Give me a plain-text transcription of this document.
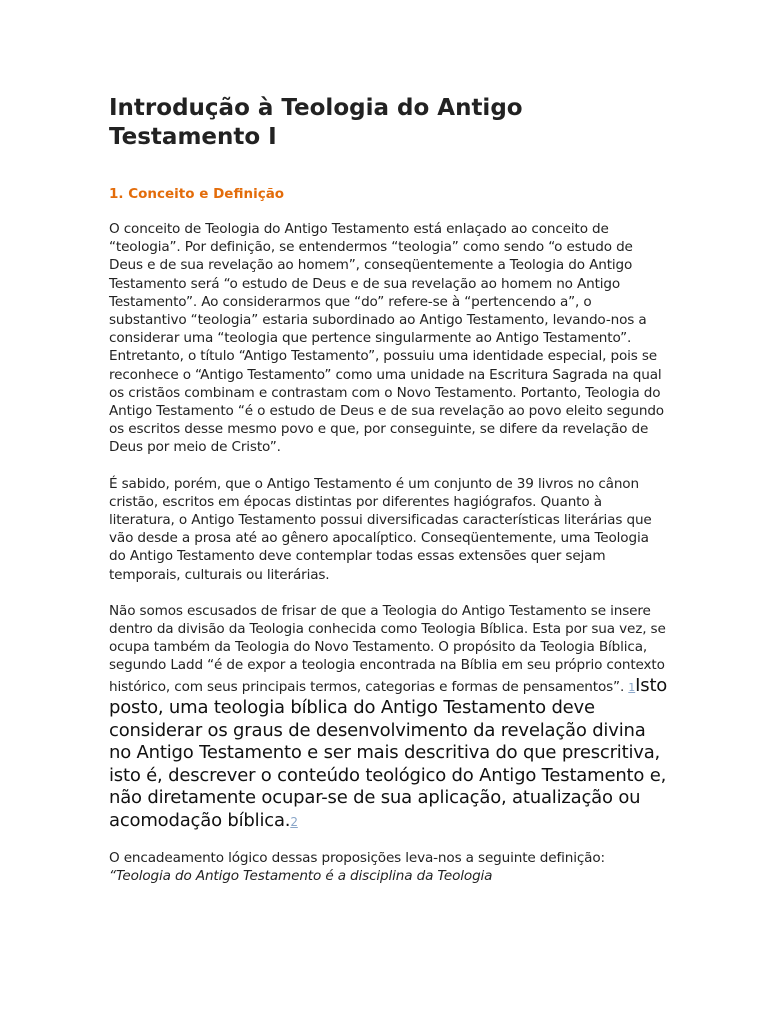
Introdução à Teologia do Antigo Testamento I
1. Conceito e Definição

O conceito de Teologia do Antigo Testamento está enlaçado ao conceito de “teologia”. Por definição, se entendermos “teologia” como sendo “o estudo de Deus e de sua revelação ao homem”, conseqüentemente a Teologia do Antigo Testamento será “o estudo de Deus e de sua revelação ao homem no Antigo Testamento”. Ao considerarmos que “do” refere-se à “pertencendo a”, o substantivo “teologia” estaria subordinado ao Antigo Testamento, levando-nos a considerar uma “teologia que pertence singularmente ao Antigo Testamento”. Entretanto, o título “Antigo Testamento”, possuiu uma identidade especial, pois se reconhece o “Antigo Testamento” como uma unidade na Escritura Sagrada na qual os cristãos combinam e contrastam com o Novo Testamento. Portanto, Teologia do Antigo Testamento “é o estudo de Deus e de sua revelação ao povo eleito segundo os escritos desse mesmo povo e que, por conseguinte, se difere da revelação de Deus por meio de Cristo”.

É sabido, porém, que o Antigo Testamento é um conjunto de 39 livros no cânon cristão, escritos em épocas distintas por diferentes hagiógrafos. Quanto à literatura, o Antigo Testamento possui diversificadas características literárias que vão desde a prosa até ao gênero apocalíptico. Conseqüentemente, uma Teologia do Antigo Testamento deve contemplar todas essas extensões quer sejam temporais, culturais ou literárias.

Não somos escusados de frisar de que a Teologia do Antigo Testamento se insere dentro da divisão da Teologia conhecida como Teologia Bíblica. Esta por sua vez, se ocupa também da Teologia do Novo Testamento. O propósito da Teologia Bíblica, segundo Ladd “é de expor a teologia encontrada na Bíblia em seu próprio contexto histórico, com seus principais termos, categorias e formas de pensamentos”. 1Isto posto, uma teologia bíblica do Antigo Testamento deve considerar os graus de desenvolvimento da revelação divina no Antigo Testamento e ser mais descritiva do que prescritiva, isto é, descrever o conteúdo teológico do Antigo Testamento e, não diretamente ocupar-se de sua aplicação, atualização ou acomodação bíblica.2

O encadeamento lógico dessas proposições leva-nos a seguinte definição: “Teologia do Antigo Testamento é a disciplina da Teologia
